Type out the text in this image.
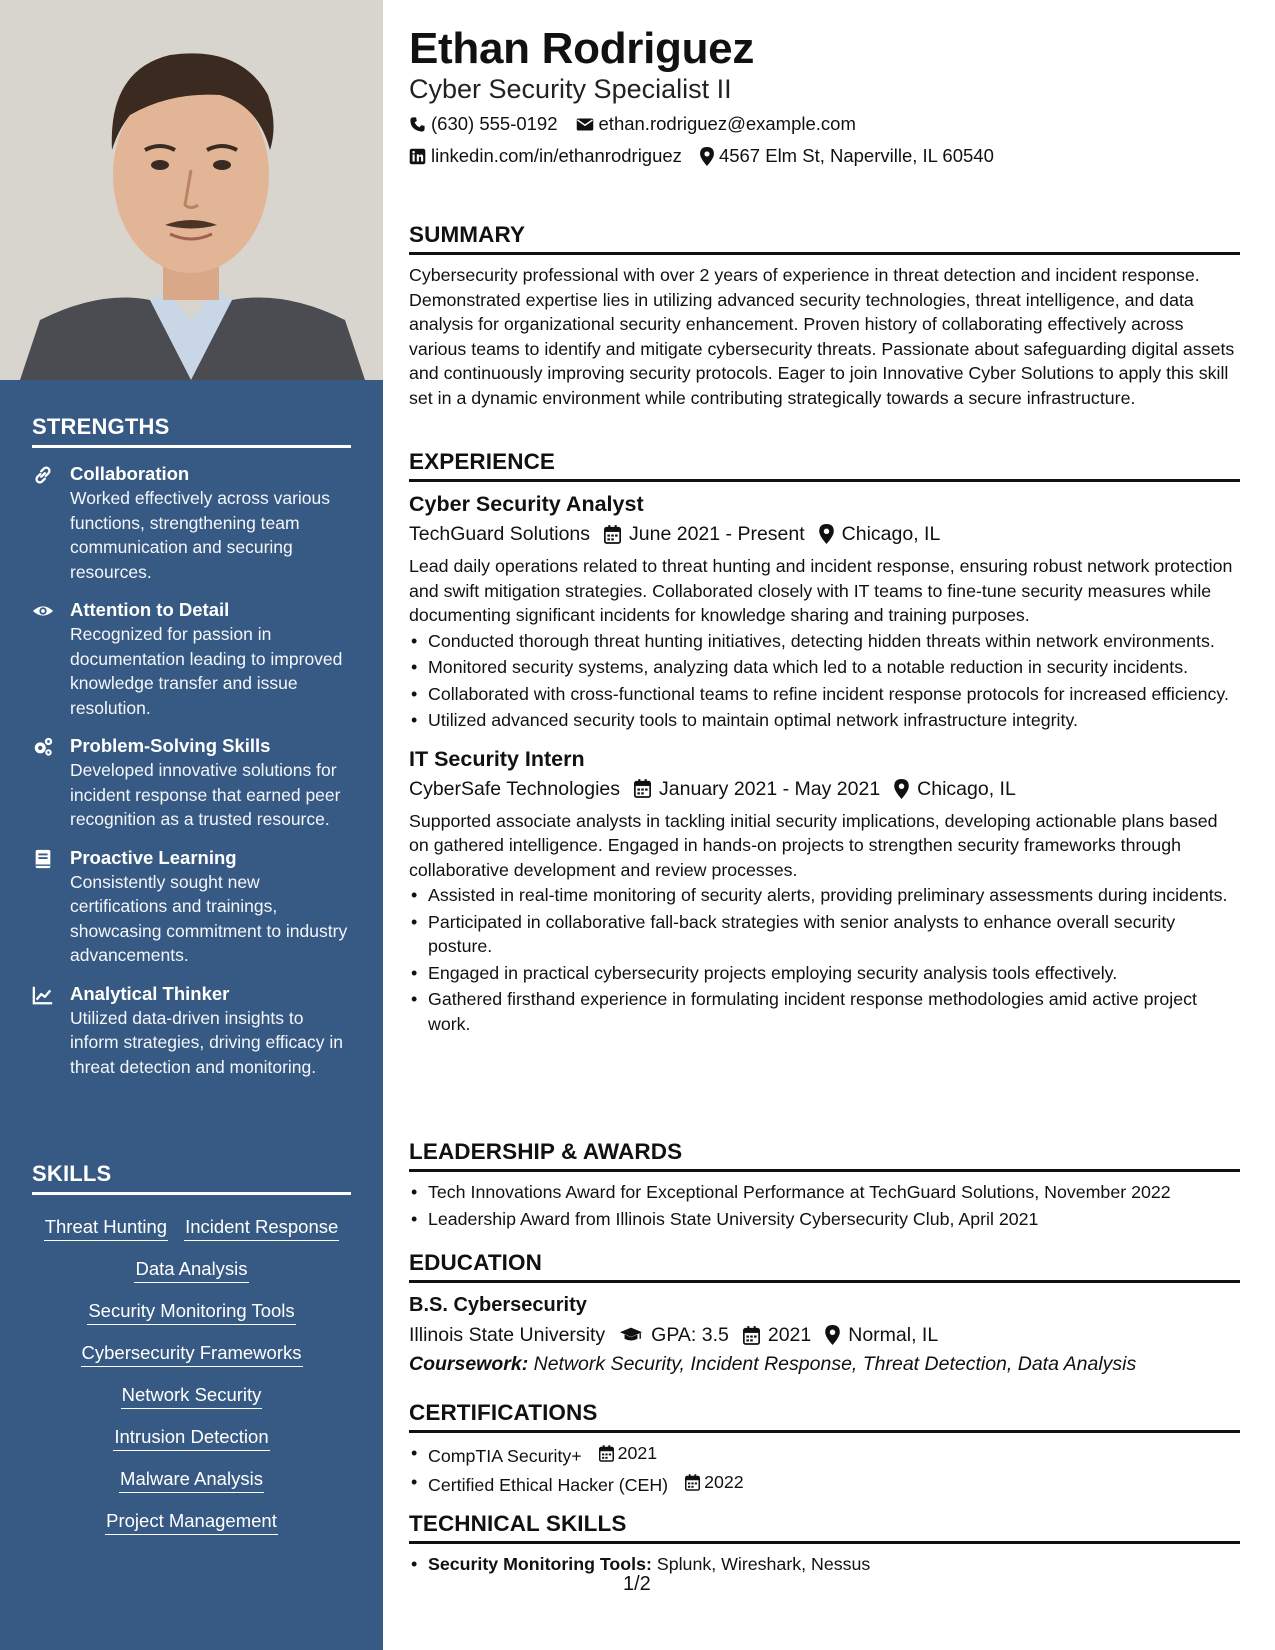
STRENGTHS
Collaboration
Worked effectively across various functions, strengthening team communication and securing resources.
Attention to Detail
Recognized for passion in documentation leading to improved knowledge transfer and issue resolution.
Problem-Solving Skills
Developed innovative solutions for incident response that earned peer recognition as a trusted resource.
Proactive Learning
Consistently sought new certifications and trainings, showcasing commitment to industry advancements.
Analytical Thinker
Utilized data-driven insights to inform strategies, driving efficacy in threat detection and monitoring.
SKILLS
Threat Hunting Incident Response
Data Analysis
Security Monitoring Tools
Cybersecurity Frameworks
Network Security
Intrusion Detection
Malware Analysis
Project Management
Ethan Rodriguez
Cyber Security Specialist II
(630) 555-0192 ethan.rodriguez@example.com
linkedin.com/in/ethanrodriguez 4567 Elm St, Naperville, IL 60540
SUMMARY
Cybersecurity professional with over 2 years of experience in threat detection and incident response. Demonstrated expertise lies in utilizing advanced security technologies, threat intelligence, and data analysis for organizational security enhancement. Proven history of collaborating effectively across various teams to identify and mitigate cybersecurity threats. Passionate about safeguarding digital assets and continuously improving security protocols. Eager to join Innovative Cyber Solutions to apply this skill set in a dynamic environment while contributing strategically towards a secure infrastructure.
EXPERIENCE
Cyber Security Analyst
TechGuard Solutions June 2021 - Present Chicago, IL
Lead daily operations related to threat hunting and incident response, ensuring robust network protection and swift mitigation strategies. Collaborated closely with IT teams to fine-tune security measures while documenting significant incidents for knowledge sharing and training purposes.
• Conducted thorough threat hunting initiatives, detecting hidden threats within network environments.
• Monitored security systems, analyzing data which led to a notable reduction in security incidents.
• Collaborated with cross-functional teams to refine incident response protocols for increased efficiency.
• Utilized advanced security tools to maintain optimal network infrastructure integrity.
IT Security Intern
CyberSafe Technologies January 2021 - May 2021 Chicago, IL
Supported associate analysts in tackling initial security implications, developing actionable plans based on gathered intelligence. Engaged in hands-on projects to strengthen security frameworks through collaborative development and review processes.
• Assisted in real-time monitoring of security alerts, providing preliminary assessments during incidents.
• Participated in collaborative fall-back strategies with senior analysts to enhance overall security posture.
• Engaged in practical cybersecurity projects employing security analysis tools effectively.
• Gathered firsthand experience in formulating incident response methodologies amid active project work.
LEADERSHIP & AWARDS
• Tech Innovations Award for Exceptional Performance at TechGuard Solutions, November 2022
• Leadership Award from Illinois State University Cybersecurity Club, April 2021
EDUCATION
B.S. Cybersecurity
Illinois State University GPA: 3.5 2021 Normal, IL
Coursework: Network Security, Incident Response, Threat Detection, Data Analysis
CERTIFICATIONS
• CompTIA Security+ 2021
• Certified Ethical Hacker (CEH) 2022
TECHNICAL SKILLS
• Security Monitoring Tools: Splunk, Wireshark, Nessus
1/2
